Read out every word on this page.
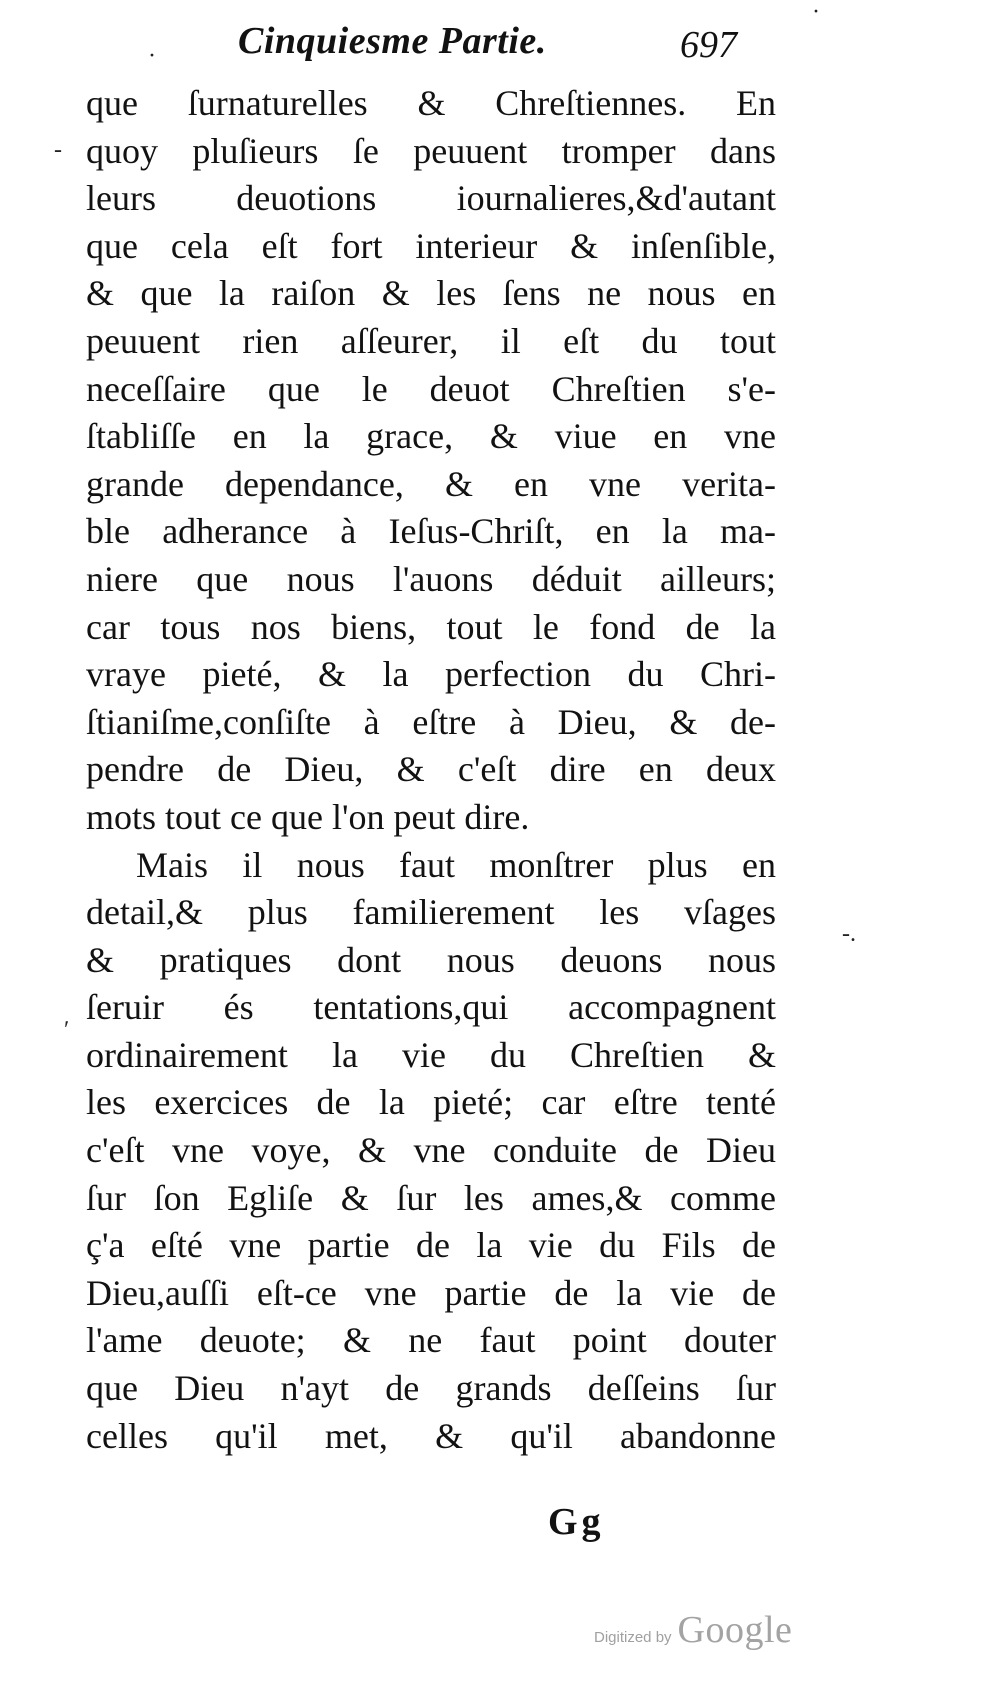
Cinquiesme Partie.	697
·
-
ʹ
-.
·
que ſurnaturelles & Chreſtiennes. En
quoy pluſieurs ſe peuuent tromper dans
leurs deuotions iournalieres,&d'autant
que cela eſt fort interieur & inſenſible,
& que la raiſon & les ſens ne nous en
peuuent rien aſſeurer, il eſt du tout
neceſſaire que le deuot Chreſtien s'e-
ſtabliſſe en la grace, & viue en vne
grande dependance, & en vne verita-
ble adherance à Ieſus-Chriſt, en la ma-
niere que nous l'auons déduit ailleurs;
car tous nos biens, tout le fond de la
vraye pieté, & la perfection du Chri-
ſtianiſme,conſiſte à eſtre à Dieu, & de-
pendre de Dieu, & c'eſt dire en deux
mots tout ce que l'on peut dire.
Mais il nous faut monſtrer plus en
detail,& plus familierement les vſages
& pratiques dont nous deuons nous
ſeruir és tentations,qui accompagnent
ordinairement la vie du Chreſtien &
les exercices de la pieté; car eſtre tenté
c'eſt vne voye, & vne conduite de Dieu
ſur ſon Egliſe & ſur les ames,& comme
ç'a eſté vne partie de la vie du Fils de
Dieu,auſſi eſt-ce vne partie de la vie de
l'ame deuote; & ne faut point douter
que Dieu n'ayt de grands deſſeins ſur
celles qu'il met, & qu'il abandonne
Gg
Digitized by Google
